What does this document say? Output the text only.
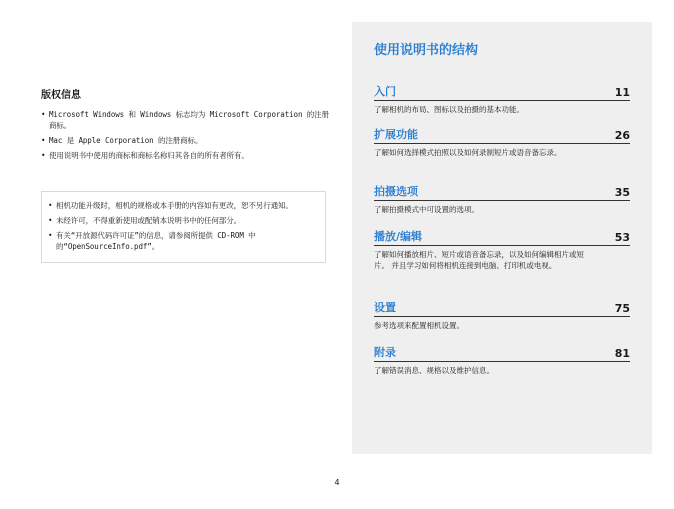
版权信息
• Microsoft Windows 和 Windows 标志均为 Microsoft Corporation 的注册商标。
• Mac 是 Apple Corporation 的注册商标。
• 使用说明书中使用的商标和商标名称归其各自的所有者所有。
• 相机功能升级时，相机的规格或本手册的内容如有更改，恕不另行通知。
• 未经许可，不得重新使用或配销本说明书中的任何部分。
• 有关“开放源代码许可证”的信息，请参阅所提供 CD-ROM 中的“OpenSourceInfo.pdf”。
使用说明书的结构
入门	11
了解相机的布局、图标以及拍摄的基本功能。
扩展功能	26
了解如何选择模式拍照以及如何录制短片或语音备忘录。
拍摄选项	35
了解拍摄模式中可设置的选项。
播放/编辑	53
了解如何播放相片、短片或语音备忘录，以及如何编辑相片或短片。 并且学习如何将相机连接到电脑、打印机或电视。
设置	75
参考选项来配置相机设置。
附录	81
了解错误消息、规格以及维护信息。
4
